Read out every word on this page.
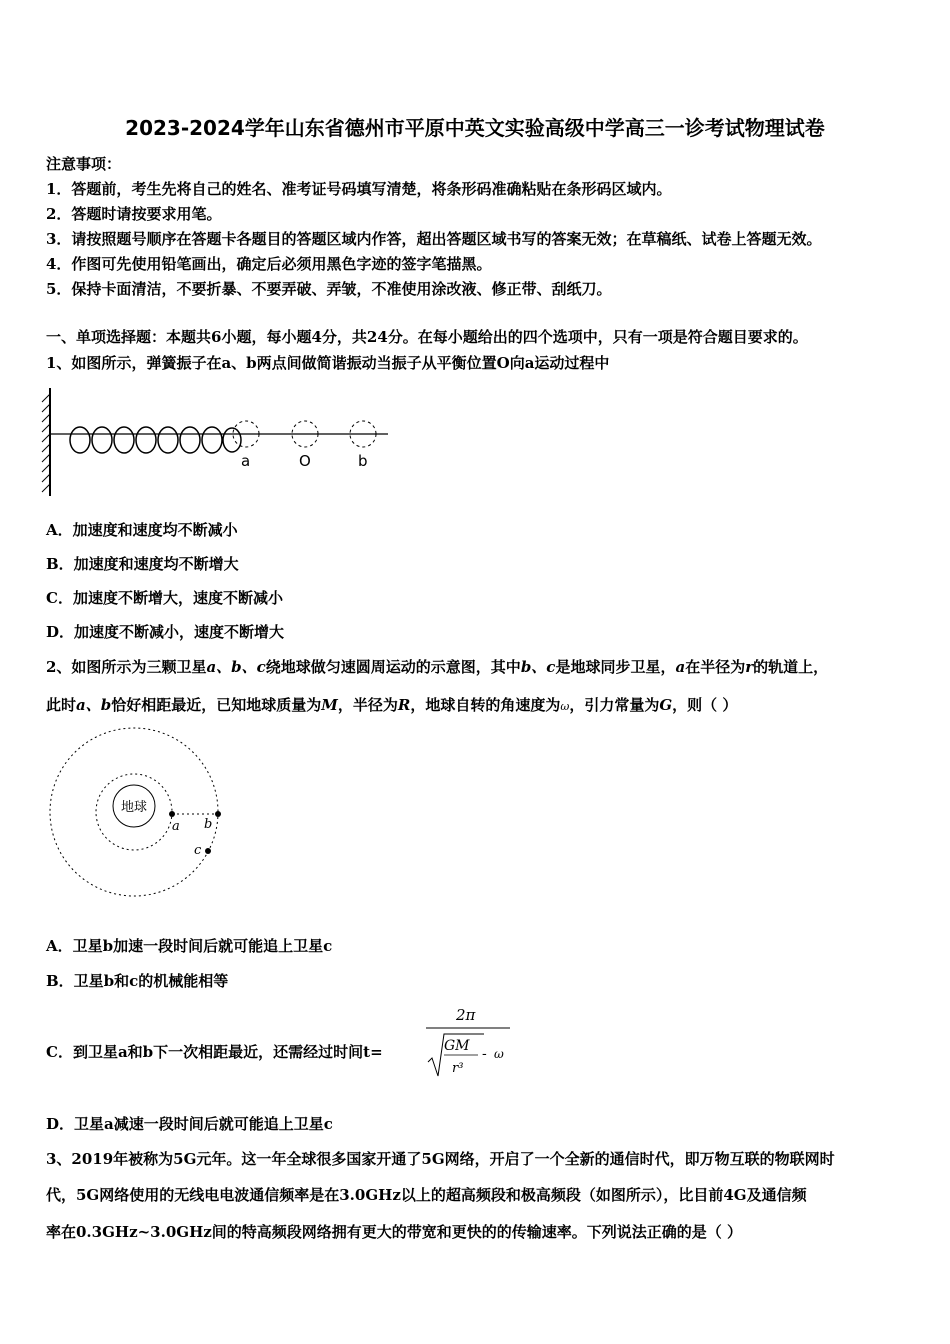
2023-2024学年山东省德州市平原中英文实验高级中学高三一诊考试物理试卷
注意事项：
1．答题前，考生先将自己的姓名、准考证号码填写清楚，将条形码准确粘贴在条形码区域内。
2．答题时请按要求用笔。
3．请按照题号顺序在答题卡各题目的答题区域内作答，超出答题区域书写的答案无效；在草稿纸、试卷上答题无效。
4．作图可先使用铅笔画出，确定后必须用黑色字迹的签字笔描黑。
5．保持卡面清洁，不要折暴、不要弄破、弄皱，不准使用涂改液、修正带、刮纸刀。
一、单项选择题：本题共6小题，每小题4分，共24分。在每小题给出的四个选项中，只有一项是符合题目要求的。
1、如图所示，弹簧振子在a、b两点间做简谐振动当振子从平衡位置O向a运动过程中
a	O	b
A．加速度和速度均不断减小
B．加速度和速度均不断增大
C．加速度不断增大，速度不断减小
D．加速度不断减小，速度不断增大
2、如图所示为三颗卫星a、b、c绕地球做匀速圆周运动的示意图，其中b、c是地球同步卫星，a在半径为r的轨道上，
此时a、b恰好相距最近，已知地球质量为M，半径为R，地球自转的角速度为ω，引力常量为G，则（ ）
地球
a b
c
A．卫星b加速一段时间后就可能追上卫星c
B．卫星b和c的机械能相等
C．到卫星a和b下一次相距最近，还需经过时间t=
2π
GM
r³
- ω
D．卫星a减速一段时间后就可能追上卫星c
3、2019年被称为5G元年。这一年全球很多国家开通了5G网络，开启了一个全新的通信时代，即万物互联的物联网时
代，5G网络使用的无线电电波通信频率是在3.0GHz以上的超高频段和极高频段（如图所示），比目前4G及通信频
率在0.3GHz~3.0GHz间的特高频段网络拥有更大的带宽和更快的的传输速率。下列说法正确的是（ ）
